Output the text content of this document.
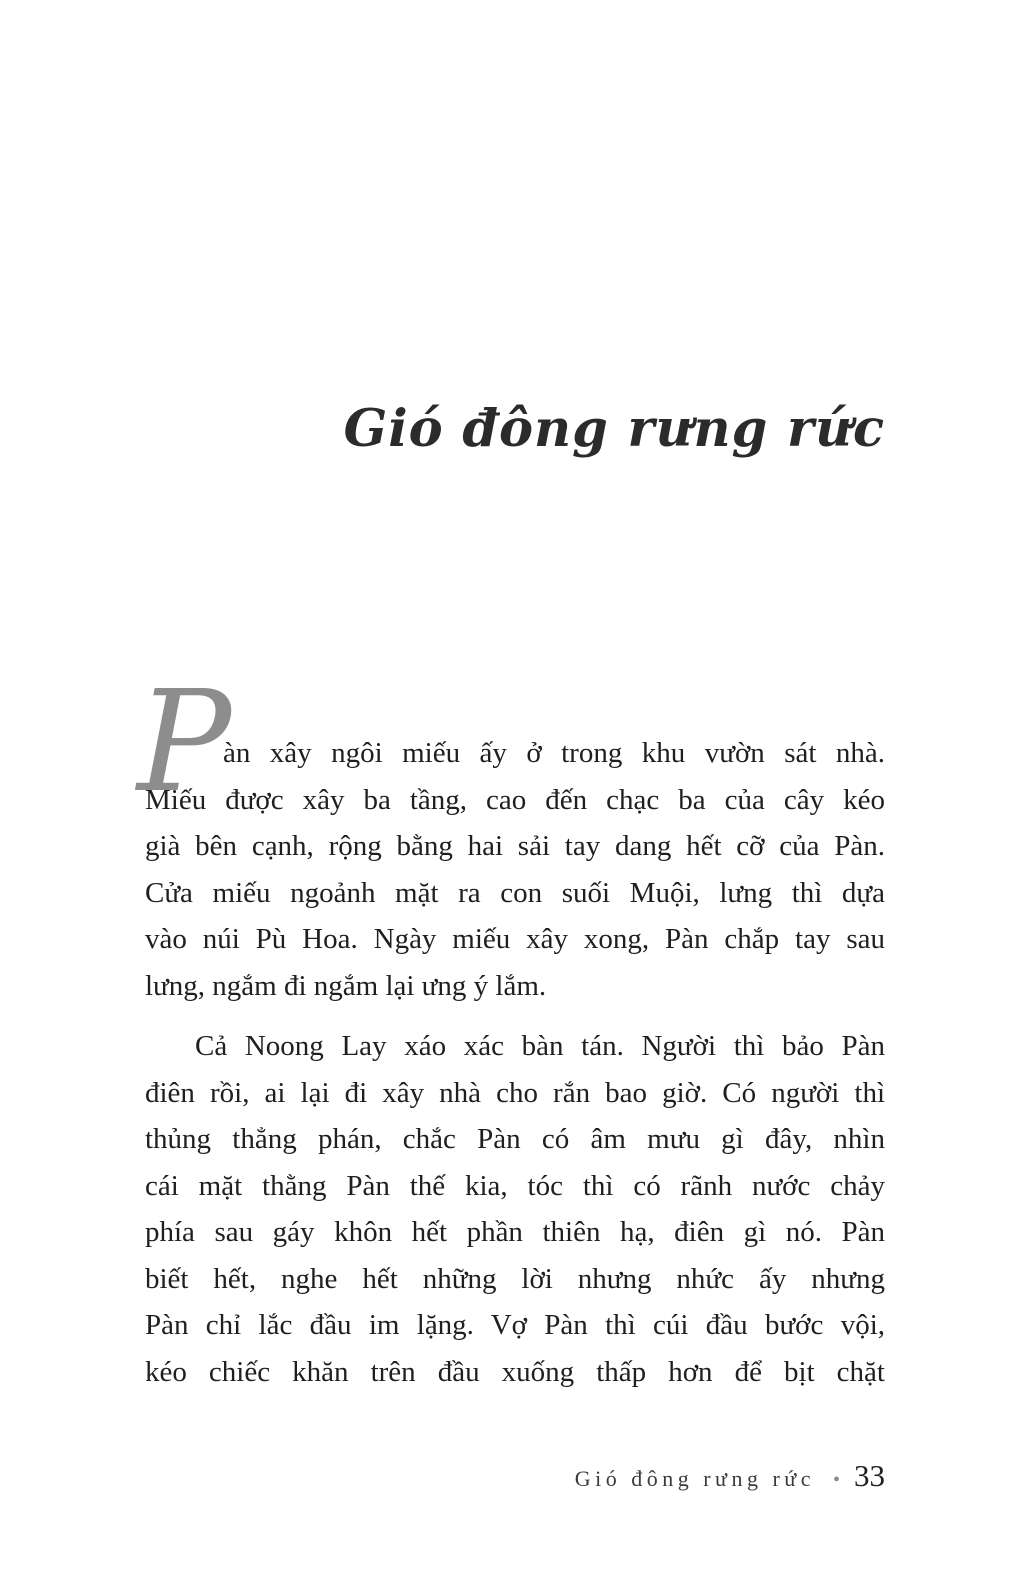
Gió đông rưng rức
P
àn xây ngôi miếu ấy ở trong khu vườn sát nhà.
Miếu được xây ba tầng, cao đến chạc ba của cây kéo
già bên cạnh, rộng bằng hai sải tay dang hết cỡ của Pàn.
Cửa miếu ngoảnh mặt ra con suối Muội, lưng thì dựa
vào núi Pù Hoa. Ngày miếu xây xong, Pàn chắp tay sau
lưng, ngắm đi ngắm lại ưng ý lắm.
Cả Noong Lay xáo xác bàn tán. Người thì bảo Pàn
điên rồi, ai lại đi xây nhà cho rắn bao giờ. Có người thì
thủng thẳng phán, chắc Pàn có âm mưu gì đây, nhìn
cái mặt thằng Pàn thế kia, tóc thì có rãnh nước chảy
phía sau gáy khôn hết phần thiên hạ, điên gì nó. Pàn
biết hết, nghe hết những lời nhưng nhức ấy nhưng
Pàn chỉ lắc đầu im lặng. Vợ Pàn thì cúi đầu bước vội,
kéo chiếc khăn trên đầu xuống thấp hơn để bịt chặt
Gió đông rưng rức • 33
